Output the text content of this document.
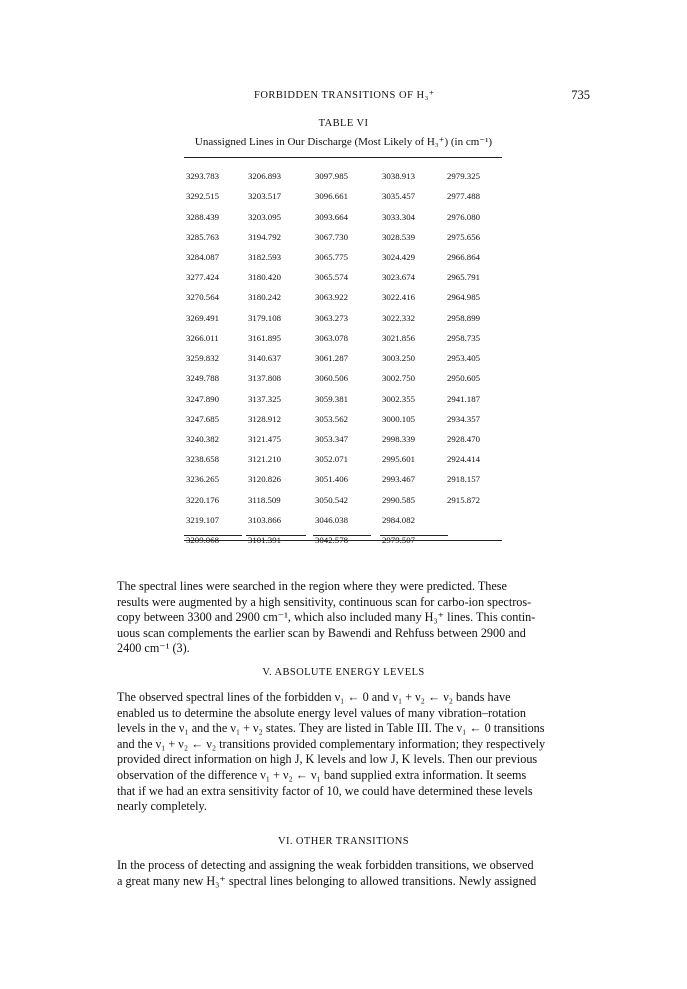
FORBIDDEN TRANSITIONS OF H₃⁺	735
TABLE VI
Unassigned Lines in Our Discharge (Most Likely of H₃⁺) (in cm⁻¹)
3293.783	3206.893	3097.985	3038.913	2979.325
3292.515	3203.517	3096.661	3035.457	2977.488
3288.439	3203.095	3093.664	3033.304	2976.080
3285.763	3194.792	3067.730	3028.539	2975.656
3284.087	3182.593	3065.775	3024.429	2966.864
3277.424	3180.420	3065.574	3023.674	2965.791
3270.564	3180.242	3063.922	3022.416	2964.985
3269.491	3179.108	3063.273	3022.332	2958.899
3266.011	3161.895	3063.078	3021.856	2958.735
3259.832	3140.637	3061.287	3003.250	2953.405
3249.788	3137.808	3060.506	3002.750	2950.605
3247.890	3137.325	3059.381	3002.355	2941.187
3247.685	3128.912	3053.562	3000.105	2934.357
3240.382	3121.475	3053.347	2998.339	2928.470
3238.658	3121.210	3052.071	2995.601	2924.414
3236.265	3120.826	3051.406	2993.467	2918.157
3220.176	3118.509	3050.542	2990.585	2915.872
3219.107	3103.866	3046.038	2984.082	
3209.068	3101.391	3042.578	2979.507	
The spectral lines were searched in the region where they were predicted. These
results were augmented by a high sensitivity, continuous scan for carbo-ion spectros-
copy between 3300 and 2900 cm⁻¹, which also included many H₃⁺ lines. This contin-
uous scan complements the earlier scan by Bawendi and Rehfuss between 2900 and
2400 cm⁻¹ (3).
V. ABSOLUTE ENERGY LEVELS
The observed spectral lines of the forbidden ν₁ ← 0 and ν₁ + ν₂ ← ν₂ bands have
enabled us to determine the absolute energy level values of many vibration–rotation
levels in the ν₁ and the ν₁ + ν₂ states. They are listed in Table III. The ν₁ ← 0 transitions
and the ν₁ + ν₂ ← ν₂ transitions provided complementary information; they respectively
provided direct information on high J, K levels and low J, K levels. Then our previous
observation of the difference ν₁ + ν₂ ← ν₁ band supplied extra information. It seems
that if we had an extra sensitivity factor of 10, we could have determined these levels
nearly completely.
VI. OTHER TRANSITIONS
In the process of detecting and assigning the weak forbidden transitions, we observed
a great many new H₃⁺ spectral lines belonging to allowed transitions. Newly assigned
